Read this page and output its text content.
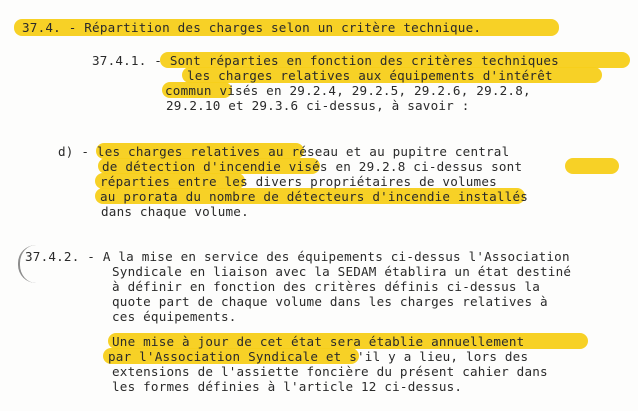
37.4. - Répartition des charges selon un critère technique.
37.4.1. - Sont réparties en fonction des critères techniques
les charges relatives aux équipements d'intérêt
commun visés en 29.2.4, 29.2.5, 29.2.6, 29.2.8,
29.2.10 et 29.3.6 ci-dessus, à savoir :
d) - les charges relatives au réseau et au pupitre central
de détection d'incendie visés en 29.2.8 ci-dessus sont
réparties entre les divers propriétaires de volumes
au prorata du nombre de détecteurs d'incendie installés
dans chaque volume.
37.4.2. - A la mise en service des équipements ci-dessus l'Association
Syndicale en liaison avec la SEDAM établira un état destiné
à définir en fonction des critères définis ci-dessus la
quote part de chaque volume dans les charges relatives à
ces équipements.
Une mise à jour de cet état sera établie annuellement
par l'Association Syndicale et s'il y a lieu, lors des
extensions de l'assiette foncière du présent cahier dans
les formes définies à l'article 12 ci-dessus.
